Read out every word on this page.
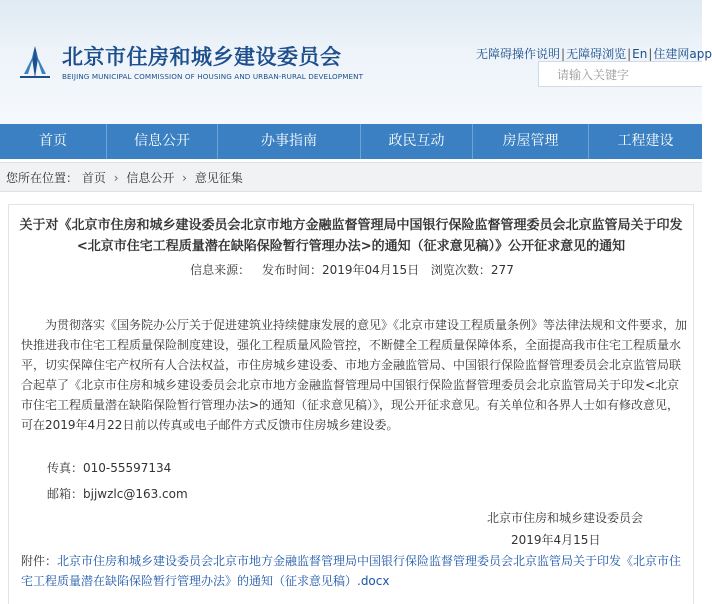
北京市住房和城乡建设委员会
BEIJING MUNICIPAL COMMISSION OF HOUSING AND URBAN-RURAL DEVELOPMENT
无障碍操作说明|无障碍浏览|En|住建网app
请输入关键字
首页	信息公开	办事指南	政民互动	房屋管理	工程建设
您所在位置： 首页 › 信息公开 › 意见征集
关于对《北京市住房和城乡建设委员会北京市地方金融监督管理局中国银行保险监督管理委员会北京监管局关于印发<北京市住宅工程质量潜在缺陷保险暂行管理办法>的通知（征求意见稿）》公开征求意见的通知
信息来源： 发布时间：2019年04月15日 浏览次数：277
为贯彻落实《国务院办公厅关于促进建筑业持续健康发展的意见》《北京市建设工程质量条例》等法律法规和文件要求，加快推进我市住宅工程质量保险制度建设，强化工程质量风险管控，不断健全工程质量保障体系，全面提高我市住宅工程质量水平，切实保障住宅产权所有人合法权益，市住房城乡建设委、市地方金融监管局、中国银行保险监督管理委员会北京监管局联合起草了《北京市住房和城乡建设委员会北京市地方金融监督管理局中国银行保险监督管理委员会北京监管局关于印发<北京市住宅工程质量潜在缺陷保险暂行管理办法>的通知（征求意见稿）》，现公开征求意见。有关单位和各界人士如有修改意见，可在2019年4月22日前以传真或电子邮件方式反馈市住房城乡建设委。
传真：010-55597134
邮箱：bjjwzlc@163.com
北京市住房和城乡建设委员会
2019年4月15日
附件：北京市住房和城乡建设委员会北京市地方金融监督管理局中国银行保险监督管理委员会北京监管局关于印发《北京市住宅工程质量潜在缺陷保险暂行管理办法》的通知（征求意见稿）.docx
